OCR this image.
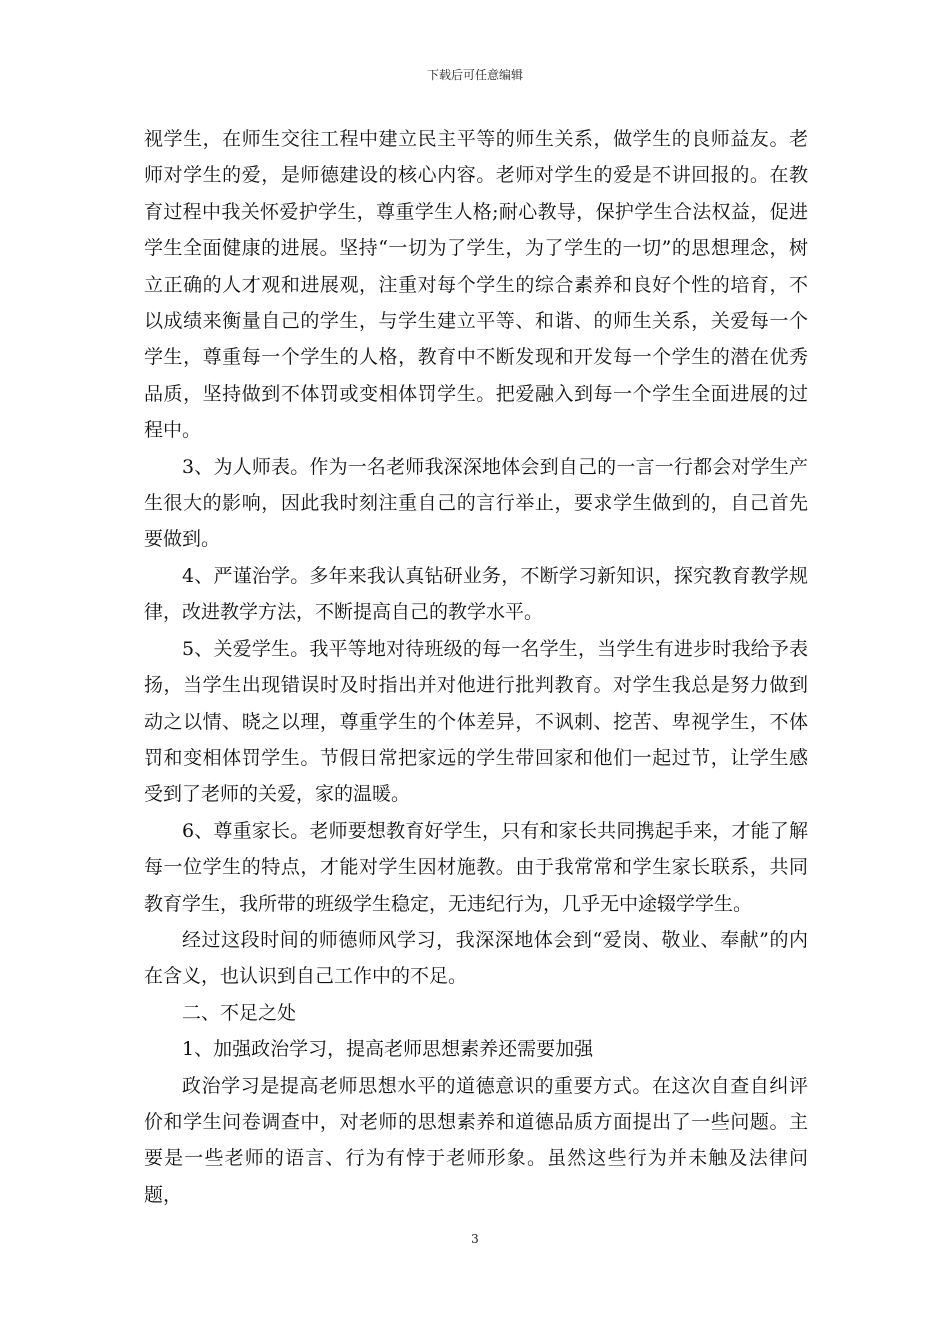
下载后可任意编辑

视学生，在师生交往工程中建立民主平等的师生关系，做学生的良师益友。老师对学生的爱，是师德建设的核心内容。老师对学生的爱是不讲回报的。在教育过程中我关怀爱护学生，尊重学生人格;耐心教导，保护学生合法权益，促进学生全面健康的进展。坚持“一切为了学生，为了学生的一切”的思想理念，树立正确的人才观和进展观，注重对每个学生的综合素养和良好个性的培育，不以成绩来衡量自己的学生，与学生建立平等、和谐、的师生关系，关爱每一个学生，尊重每一个学生的人格，教育中不断发现和开发每一个学生的潜在优秀品质，坚持做到不体罚或变相体罚学生。把爱融入到每一个学生全面进展的过程中。

3、为人师表。作为一名老师我深深地体会到自己的一言一行都会对学生产生很大的影响，因此我时刻注重自己的言行举止，要求学生做到的，自己首先要做到。

4、严谨治学。多年来我认真钻研业务，不断学习新知识，探究教育教学规律，改进教学方法，不断提高自己的教学水平。

5、关爱学生。我平等地对待班级的每一名学生，当学生有进步时我给予表扬，当学生出现错误时及时指出并对他进行批判教育。对学生我总是努力做到动之以情、晓之以理，尊重学生的个体差异，不讽刺、挖苦、卑视学生，不体罚和变相体罚学生。节假日常把家远的学生带回家和他们一起过节，让学生感受到了老师的关爱，家的温暖。

6、尊重家长。老师要想教育好学生，只有和家长共同携起手来，才能了解每一位学生的特点，才能对学生因材施教。由于我常常和学生家长联系，共同教育学生，我所带的班级学生稳定，无违纪行为，几乎无中途辍学学生。

经过这段时间的师德师风学习，我深深地体会到“爱岗、敬业、奉献”的内在含义，也认识到自己工作中的不足。

二、不足之处

1、加强政治学习，提高老师思想素养还需要加强

政治学习是提高老师思想水平的道德意识的重要方式。在这次自查自纠评价和学生问卷调查中，对老师的思想素养和道德品质方面提出了一些问题。主要是一些老师的语言、行为有悖于老师形象。虽然这些行为并未触及法律问题，

3
